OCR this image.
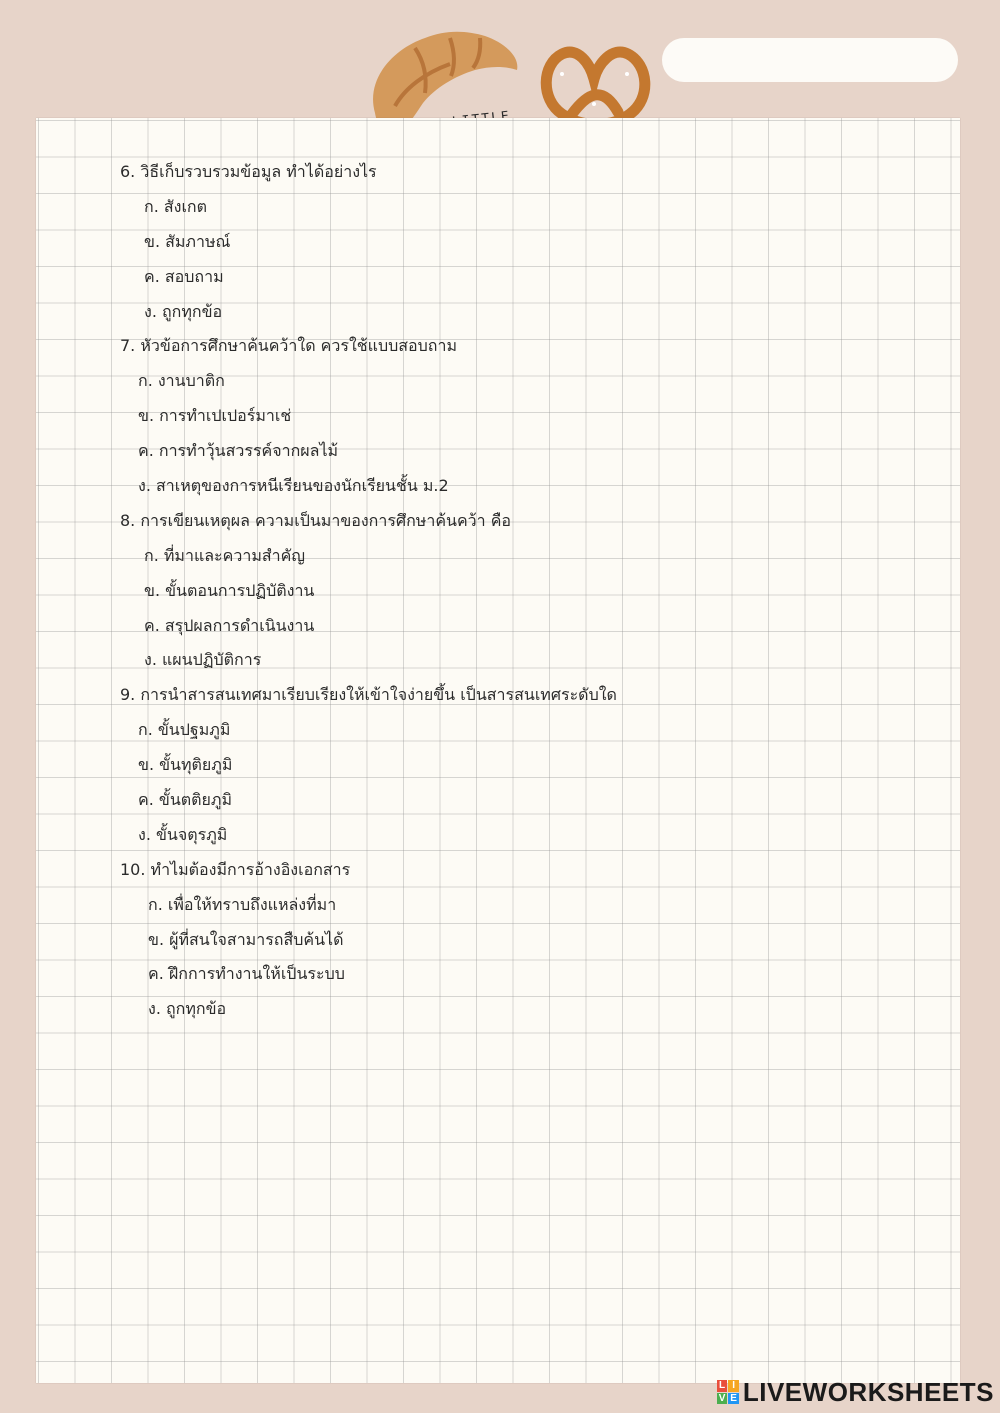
6. วิธีเก็บรวบรวมข้อมูล ทำได้อย่างไร
ก. สังเกต
ข. สัมภาษณ์
ค. สอบถาม
ง. ถูกทุกข้อ
7. หัวข้อการศึกษาค้นคว้าใด ควรใช้แบบสอบถาม
ก. งานบาติก
ข. การทำเปเปอร์มาเช่
ค. การทำวุ้นสวรรค์จากผลไม้
ง. สาเหตุของการหนีเรียนของนักเรียนชั้น ม.2
8. การเขียนเหตุผล ความเป็นมาของการศึกษาค้นคว้า คือ
ก. ที่มาและความสำคัญ
ข. ขั้นตอนการปฏิบัติงาน
ค. สรุปผลการดำเนินงาน
ง. แผนปฏิบัติการ
9. การนำสารสนเทศมาเรียบเรียงให้เข้าใจง่ายขึ้น เป็นสารสนเทศระดับใด
ก. ขั้นปฐมภูมิ
ข. ขั้นทุติยภูมิ
ค. ขั้นตติยภูมิ
ง. ขั้นจตุรภูมิ
10. ทำไมต้องมีการอ้างอิงเอกสาร
ก. เพื่อให้ทราบถึงแหล่งที่มา
ข. ผู้ที่สนใจสามารถสืบค้นได้
ค. ฝึกการทำงานให้เป็นระบบ
ง. ถูกทุกข้อ
L I
V E LIVEWORKSHEETS
